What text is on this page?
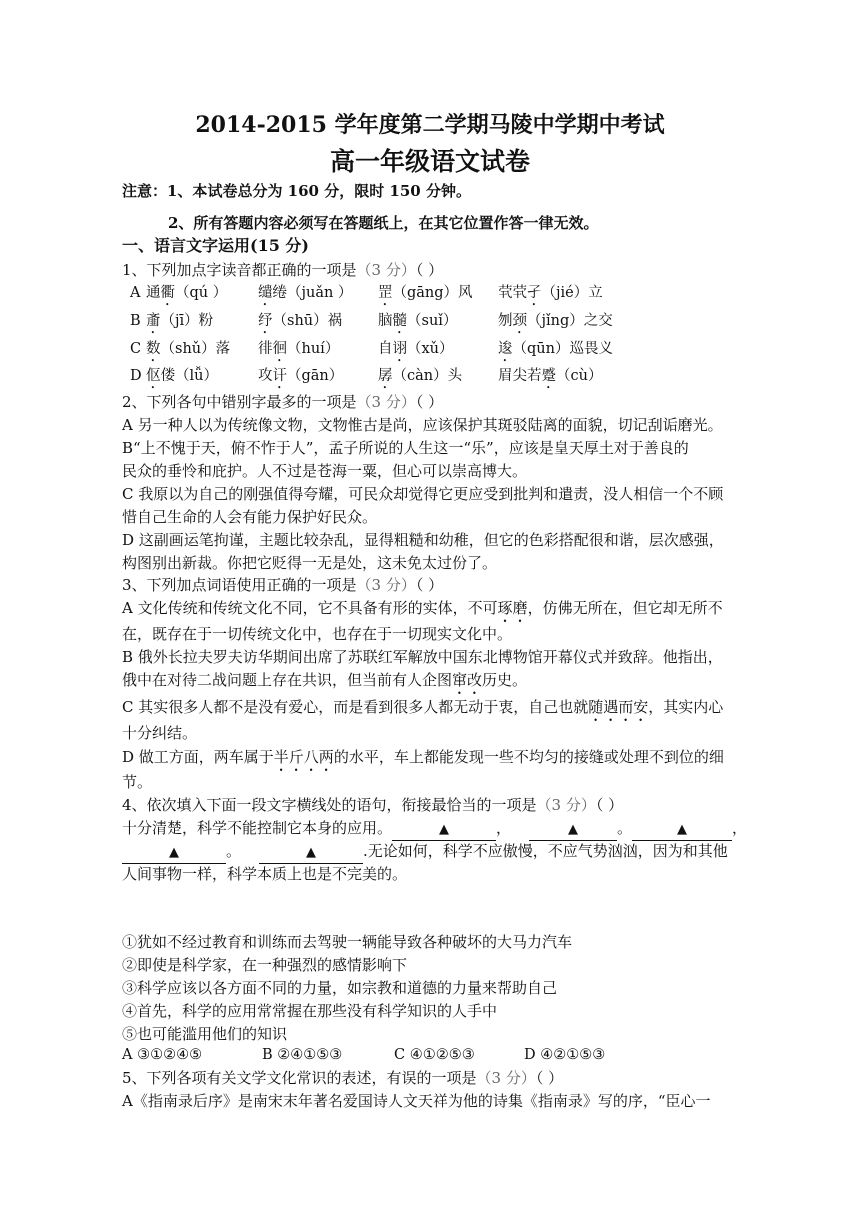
2014-2015 学年度第二学期马陵中学期中考试
高一年级语文试卷
注意：1、本试卷总分为 160 分，限时 150 分钟。
2、所有答题内容必须写在答题纸上，在其它位置作答一律无效。
一、语言文字运用(15 分)
1、下列加点字读音都正确的一项是（3 分）（ ）
A 通衢（qú ） 缱绻（juǎn ） 罡（gāng）风 茕茕孑（jié）立
B 齑（jī）粉	纾（shū）祸 脑髓（suǐ）	刎颈（jǐng）之交
C 数（shǔ）落 徘徊（huí）	自诩（xǔ）	逡（qūn）巡畏义
D 伛偻（lǚ）	攻讦（gān） 孱（càn）头 眉尖若蹙（cù）
2、下列各句中错别字最多的一项是（3 分）（ ）
A 另一种人以为传统像文物，文物惟古是尚，应该保护其斑驳陆离的面貌，切记刮诟磨光。
B“上不愧于天，俯不怍于人”，孟子所说的人生这一“乐”，应该是皇天厚土对于善良的
民众的垂怜和庇护。人不过是苍海一粟，但心可以崇高博大。
C 我原以为自己的刚强值得夸耀，可民众却觉得它更应受到批判和遣责，没人相信一个不顾
惜自己生命的人会有能力保护好民众。
D 这副画运笔拘谨，主题比较杂乱，显得粗糙和幼稚，但它的色彩搭配很和谐，层次感强，
构图别出新裁。你把它贬得一无是处，这未免太过份了。
3、下列加点词语使用正确的一项是（3 分）（ ）
A 文化传统和传统文化不同，它不具备有形的实体，不可琢磨，仿佛无所在，但它却无所不
在，既存在于一切传统文化中，也存在于一切现实文化中。
B 俄外长拉夫罗夫访华期间出席了苏联红军解放中国东北博物馆开幕仪式并致辞。他指出，
俄中在对待二战问题上存在共识，但当前有人企图窜改历史。
C 其实很多人都不是没有爱心，而是看到很多人都无动于衷，自己也就随遇而安，其实内心
十分纠结。
D 做工方面，两车属于半斤八两的水平，车上都能发现一些不均匀的接缝或处理不到位的细
节。
4、依次填入下面一段文字横线处的语句，衔接最恰当的一项是（3 分）（ ）
十分清楚，科学不能控制它本身的应用。	▲	，	▲	。	▲	，
▲	。	▲	.无论如何，科学不应傲慢，不应气势汹汹，因为和其他
人间事物一样，科学本质上也是不完美的。
①犹如不经过教育和训练而去驾驶一辆能导致各种破坏的大马力汽车
②即使是科学家，在一种强烈的感情影响下
③科学应该以各方面不同的力量，如宗教和道德的力量来帮助自己
④首先，科学的应用常常握在那些没有科学知识的人手中
⑤也可能滥用他们的知识
A ③①②④⑤	B ②④①⑤③	C ④①②⑤③	D ④②①⑤③
5、下列各项有关文学文化常识的表述，有误的一项是（3 分）（ ）
A《指南录后序》是南宋末年著名爱国诗人文天祥为他的诗集《指南录》写的序，“臣心一
